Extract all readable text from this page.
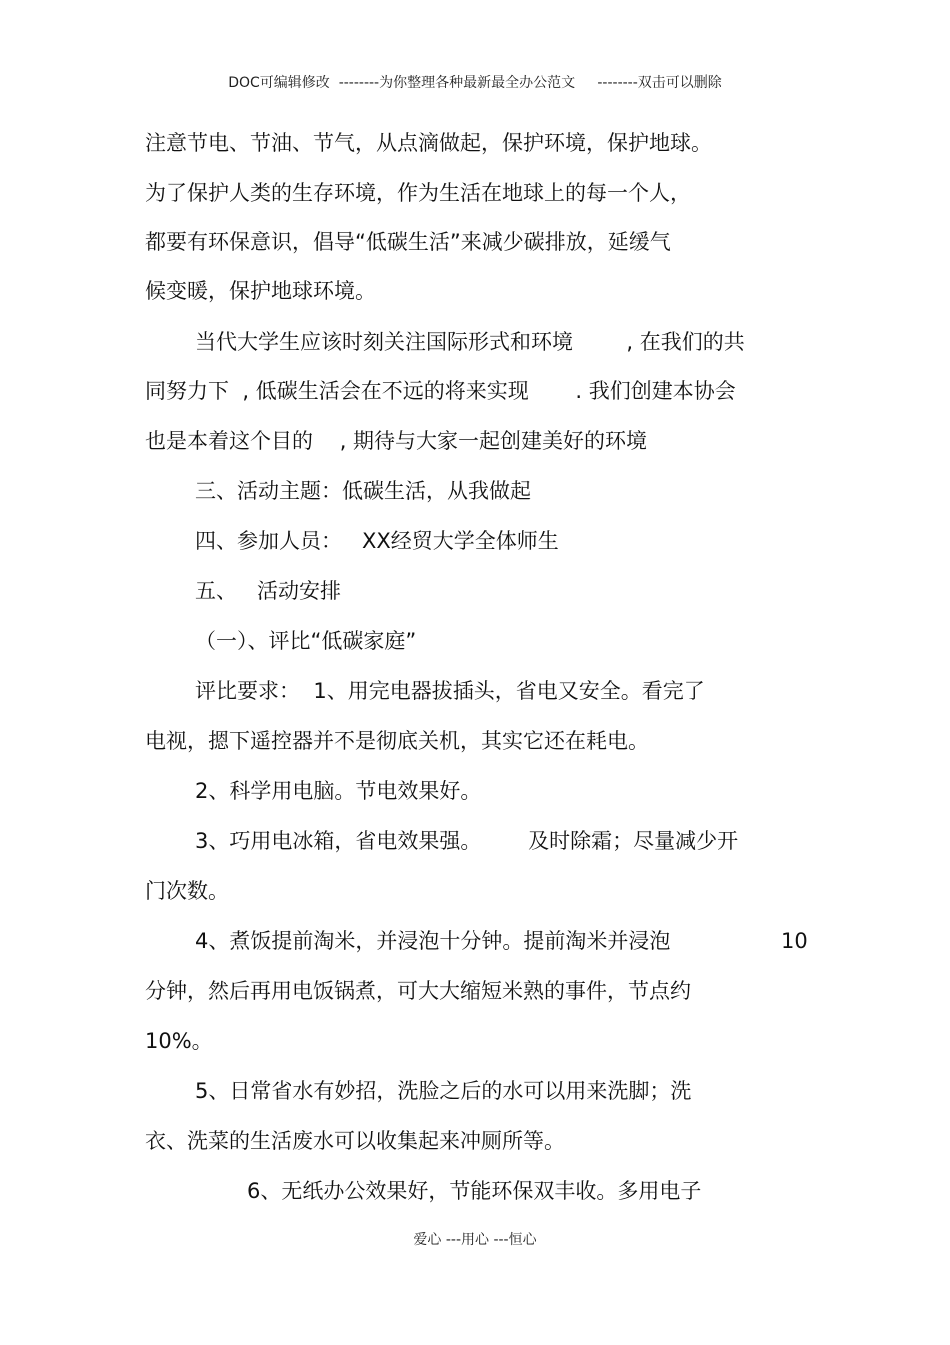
DOC可编辑修改  --------为你整理各种最新最全办公范文     --------双击可以删除
注意节电、节油、节气，从点滴做起，保护环境，保护地球。
为了保护人类的生存环境，作为生活在地球上的每一个人，
都要有环保意识，倡导“低碳生活”来减少碳排放，延缓气
候变暖，保护地球环境。
当代大学生应该时刻关注国际形式和环境        , 在我们的共
同努力下  , 低碳生活会在不远的将来实现       . 我们创建本协会
也是本着这个目的    , 期待与大家一起创建美好的环境
三、活动主题：低碳生活，从我做起
四、参加人员：   XX经贸大学全体师生
五、   活动安排
（一）、评比“低碳家庭”
评比要求：  1、用完电器拔插头，省电又安全。看完了
电视，摁下遥控器并不是彻底关机，其实它还在耗电。
2、科学用电脑。节电效果好。
3、巧用电冰箱，省电效果强。       及时除霜；尽量减少开
门次数。
4、煮饭提前淘米，并浸泡十分钟。提前淘米并浸泡	10
分钟，然后再用电饭锅煮，可大大缩短米熟的事件，节点约
10%。
5、日常省水有妙招，洗脸之后的水可以用来洗脚；洗
衣、洗菜的生活废水可以收集起来冲厕所等。
6、无纸办公效果好，节能环保双丰收。多用电子
爱心 ---用心 ---恒心
